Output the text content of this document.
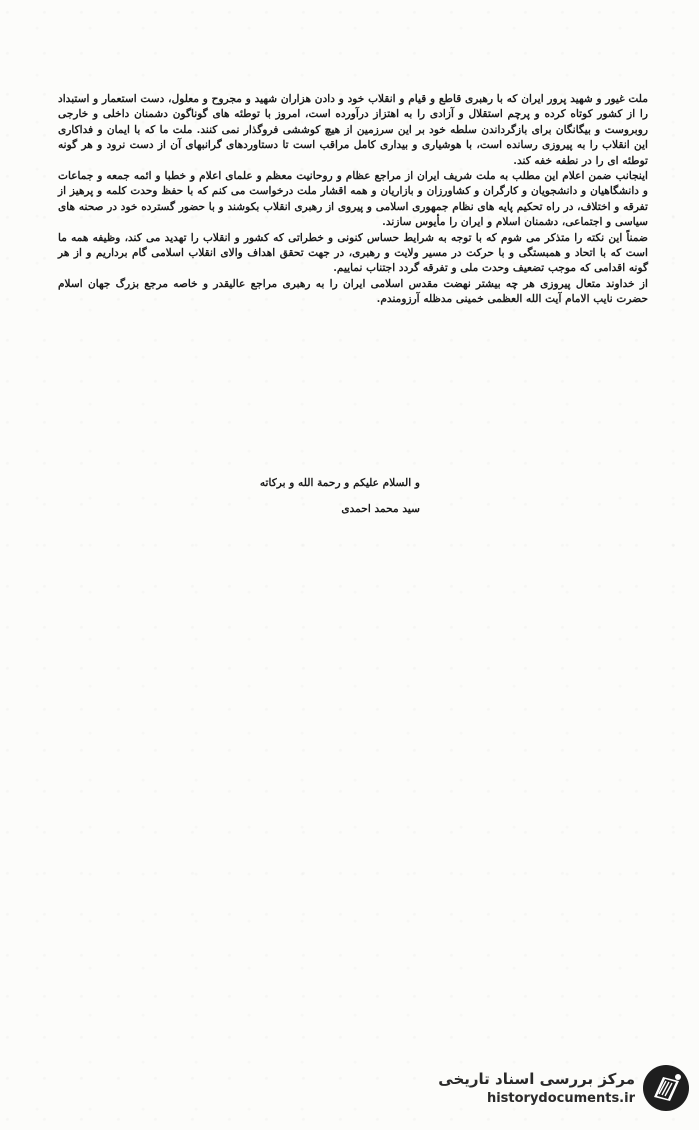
ملت غیور و شهید پرور ایران که با رهبری قاطع و قیام و انقلاب خود و دادن هزاران شهید و مجروح و معلول، دست استعمار و استبداد را از کشور کوتاه کرده و پرچم استقلال و آزادی را به اهتزاز درآورده است، امروز با توطئه های گوناگون دشمنان داخلی و خارجی روبروست و بیگانگان برای بازگرداندن سلطه خود بر این سرزمین از هیچ کوششی فروگذار نمی کنند. ملت ما که با ایمان و فداکاری این انقلاب را به پیروزی رسانده است، با هوشیاری و بیداری کامل مراقب است تا دستاوردهای گرانبهای آن از دست نرود و هر گونه توطئه ای را در نطفه خفه کند.

اینجانب ضمن اعلام این مطلب به ملت شریف ایران از مراجع عظام و روحانیت معظم و علمای اعلام و خطبا و ائمه جمعه و جماعات و دانشگاهیان و دانشجویان و کارگران و کشاورزان و بازاریان و همه اقشار ملت درخواست می کنم که با حفظ وحدت کلمه و پرهیز از تفرقه و اختلاف، در راه تحکیم پایه های نظام جمهوری اسلامی و پیروی از رهبری انقلاب بکوشند و با حضور گسترده خود در صحنه های سیاسی و اجتماعی، دشمنان اسلام و ایران را مأیوس سازند.

ضمناً این نکته را متذکر می شوم که با توجه به شرایط حساس کنونی و خطراتی که کشور و انقلاب را تهدید می کند، وظیفه همه ما است که با اتحاد و همبستگی و با حرکت در مسیر ولایت و رهبری، در جهت تحقق اهداف والای انقلاب اسلامی گام برداریم و از هر گونه اقدامی که موجب تضعیف وحدت ملی و تفرقه گردد اجتناب نماییم.

از خداوند متعال پیروزی هر چه بیشتر نهضت مقدس اسلامی ایران را به رهبری مراجع عالیقدر و خاصه مرجع بزرگ جهان اسلام حضرت نایب الامام آیت الله العظمی خمینی مدظله آرزومندم.

و السلام علیکم و رحمة الله و برکاته
سید محمد احمدی
مرکز بررسی اسناد تاریخی
historydocuments.ir
